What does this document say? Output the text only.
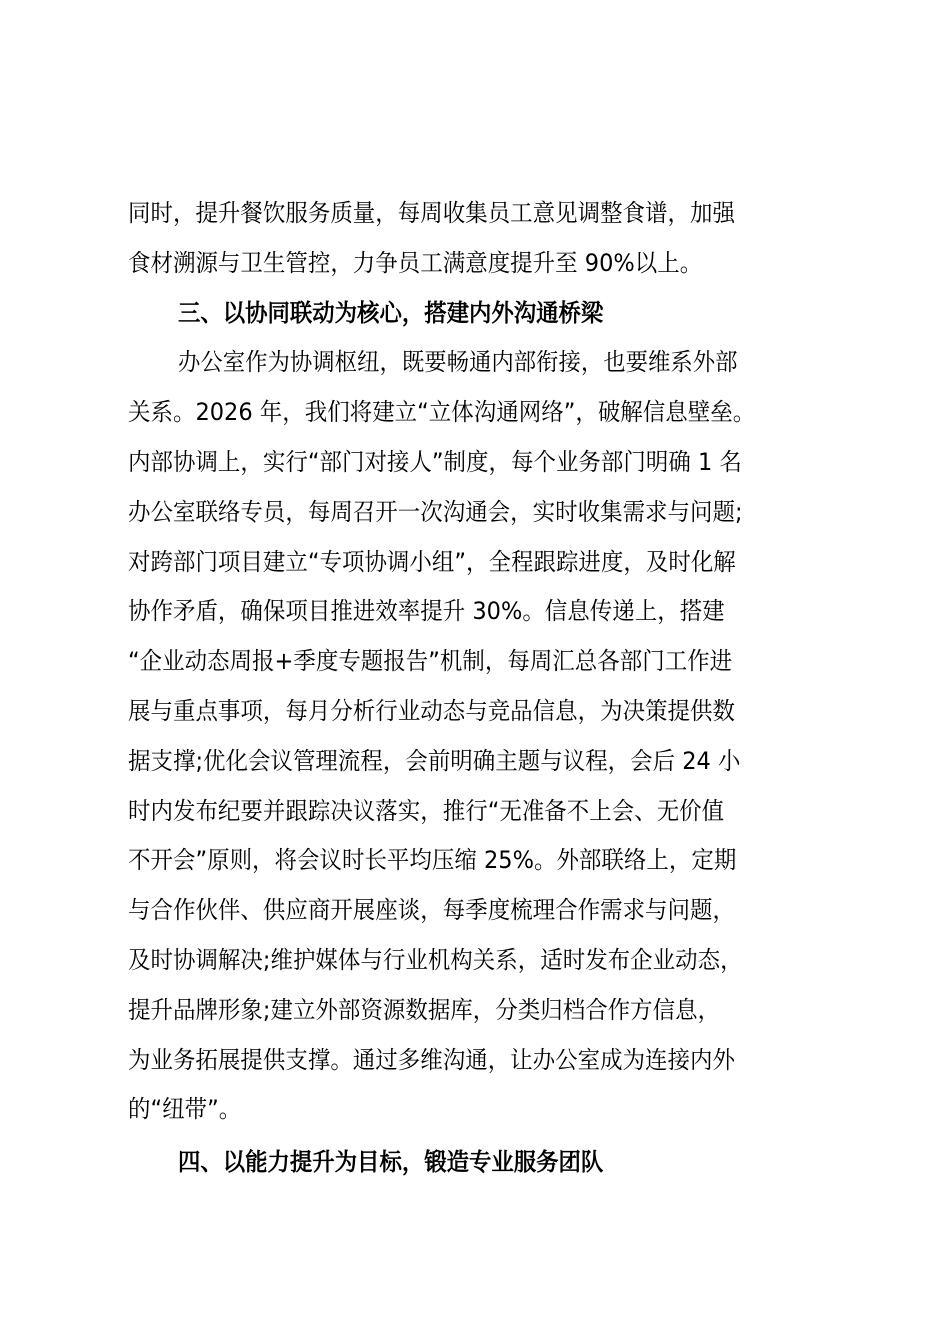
同时，提升餐饮服务质量，每周收集员工意见调整食谱，加强
食材溯源与卫生管控，力争员工满意度提升至 90%以上。
三、以协同联动为核心，搭建内外沟通桥梁
办公室作为协调枢纽，既要畅通内部衔接，也要维系外部
关系。2026 年，我们将建立“立体沟通网络”，破解信息壁垒。
内部协调上，实行“部门对接人”制度，每个业务部门明确 1 名
办公室联络专员，每周召开一次沟通会，实时收集需求与问题;
对跨部门项目建立“专项协调小组”，全程跟踪进度，及时化解
协作矛盾，确保项目推进效率提升 30%。信息传递上，搭建
“企业动态周报+季度专题报告”机制，每周汇总各部门工作进
展与重点事项，每月分析行业动态与竞品信息，为决策提供数
据支撑;优化会议管理流程，会前明确主题与议程，会后 24 小
时内发布纪要并跟踪决议落实，推行“无准备不上会、无价值
不开会”原则，将会议时长平均压缩 25%。外部联络上，定期
与合作伙伴、供应商开展座谈，每季度梳理合作需求与问题，
及时协调解决;维护媒体与行业机构关系，适时发布企业动态，
提升品牌形象;建立外部资源数据库，分类归档合作方信息，
为业务拓展提供支撑。通过多维沟通，让办公室成为连接内外
的“纽带”。
四、以能力提升为目标，锻造专业服务团队
